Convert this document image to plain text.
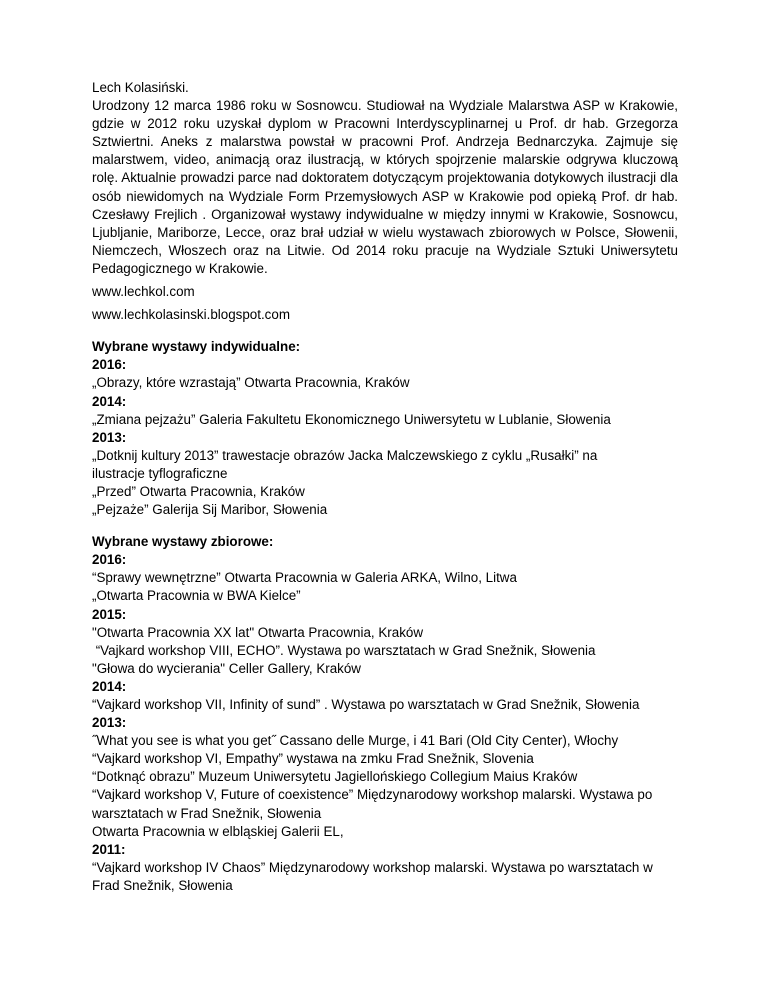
Lech Kolasiński.
Urodzony 12 marca 1986 roku w Sosnowcu. Studiował na Wydziale Malarstwa ASP w Krakowie, gdzie w 2012 roku uzyskał dyplom w Pracowni Interdyscyplinarnej u Prof. dr hab. Grzegorza Sztwiertni. Aneks z malarstwa powstał w pracowni Prof. Andrzeja Bednarczyka. Zajmuje się malarstwem, video, animacją oraz ilustracją, w których spojrzenie malarskie odgrywa kluczową rolę. Aktualnie prowadzi parce nad doktoratem dotyczącym projektowania dotykowych ilustracji dla osób niewidomych na Wydziale Form Przemysłowych ASP w Krakowie pod opieką Prof. dr hab. Czesławy Frejlich . Organizował wystawy indywidualne w między innymi w Krakowie, Sosnowcu, Ljubljanie, Mariborze, Lecce, oraz brał udział w wielu wystawach zbiorowych w Polsce, Słowenii, Niemczech, Włoszech oraz na Litwie. Od 2014 roku pracuje na Wydziale Sztuki Uniwersytetu Pedagogicznego w Krakowie.

www.lechkol.com
www.lechkolasinski.blogspot.com
Wybrane wystawy indywidualne:
2016:
„Obrazy, które wzrastają” Otwarta Pracownia, Kraków
2014:
„Zmiana pejzażu” Galeria Fakultetu Ekonomicznego Uniwersytetu w Lublanie, Słowenia
2013:
„Dotknij kultury 2013” trawestacje obrazów Jacka Malczewskiego z cyklu „Rusałki” na ilustracje tyflograficzne
„Przed” Otwarta Pracownia, Kraków
„Pejzaże” Galerija Sij Maribor, Słowenia
Wybrane wystawy zbiorowe:
2016:
“Sprawy wewnętrzne” Otwarta Pracownia w Galeria ARKA, Wilno, Litwa
„Otwarta Pracownia w BWA Kielce”
2015:
"Otwarta Pracownia XX lat" Otwarta Pracownia, Kraków
“Vajkard workshop VIII, ECHO”. Wystawa po warsztatach w Grad Snežnik, Słowenia
"Głowa do wycierania" Celler Gallery, Kraków
2014:
“Vajkard workshop VII, Infinity of sund” . Wystawa po warsztatach w Grad Snežnik, Słowenia
2013:
˝What you see is what you get˝ Cassano delle Murge, i 41 Bari (Old City Center), Włochy
“Vajkard workshop VI, Empathy” wystawa na zmku Frad Snežnik, Slovenia
“Dotknąć obrazu” Muzeum Uniwersytetu Jagiellońskiego Collegium Maius Kraków
“Vajkard workshop V, Future of coexistence” Międzynarodowy workshop malarski. Wystawa po warsztatach w Frad Snežnik, Słowenia
Otwarta Pracownia w elbląskiej Galerii EL,
2011:
“Vajkard workshop IV Chaos” Międzynarodowy workshop malarski. Wystawa po warsztatach w Frad Snežnik, Słowenia
